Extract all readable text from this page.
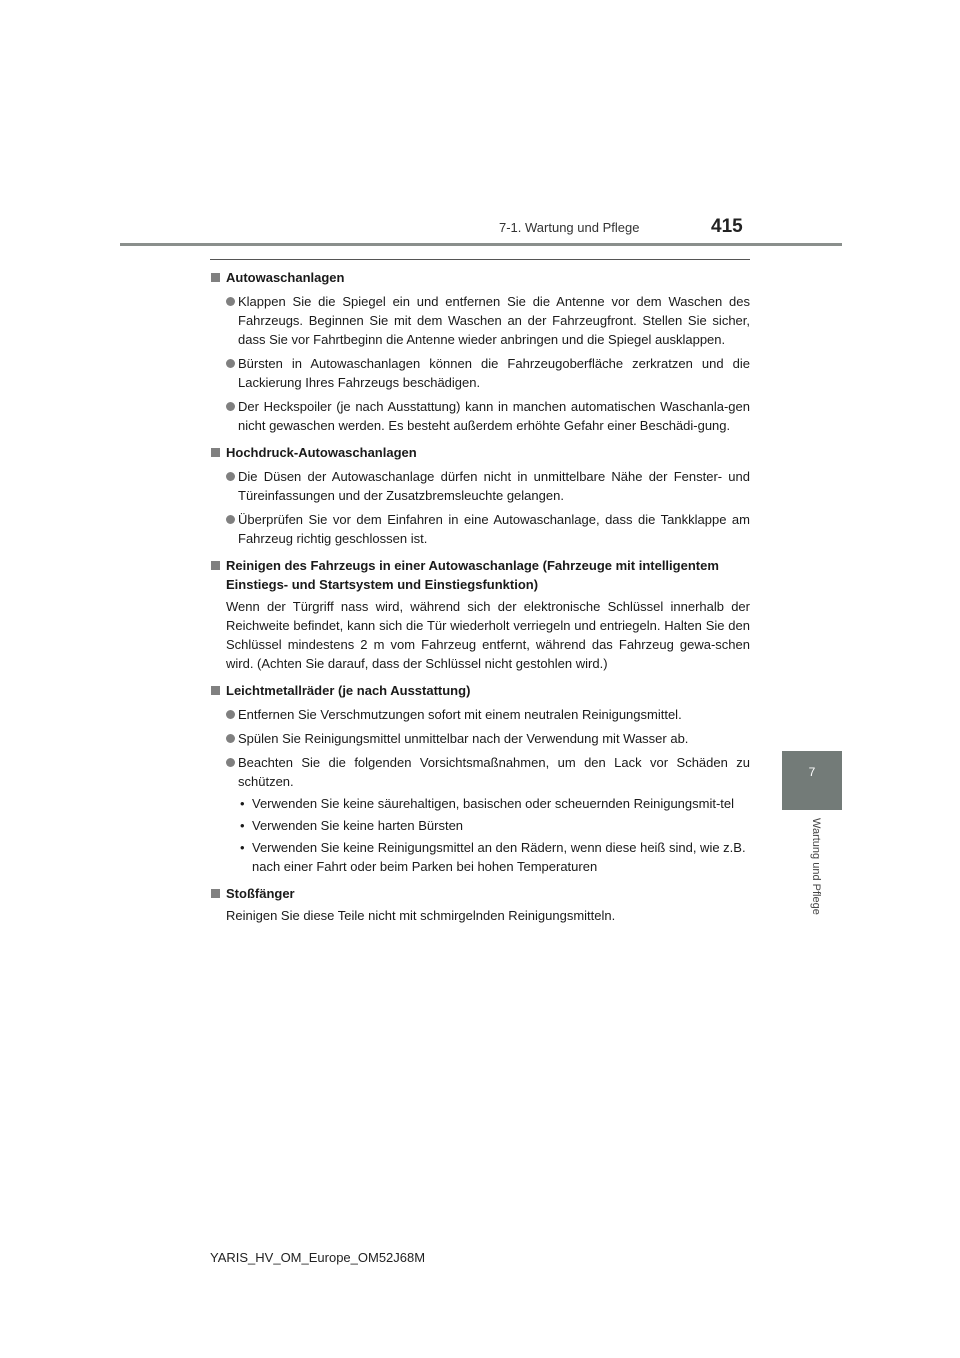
415
7-1. Wartung und Pflege
7
Wartung und Pflege
Autowaschanlagen
Klappen Sie die Spiegel ein und entfernen Sie die Antenne vor dem Waschen des Fahrzeugs. Beginnen Sie mit dem Waschen an der Fahrzeugfront. Stellen Sie sicher, dass Sie vor Fahrtbeginn die Antenne wieder anbringen und die Spiegel ausklappen.
Bürsten in Autowaschanlagen können die Fahrzeugoberfläche zerkratzen und die Lackierung Ihres Fahrzeugs beschädigen.
Der Heckspoiler (je nach Ausstattung) kann in manchen automatischen Waschanla-gen nicht gewaschen werden. Es besteht außerdem erhöhte Gefahr einer Beschädi-gung.
Hochdruck-Autowaschanlagen
Die Düsen der Autowaschanlage dürfen nicht in unmittelbare Nähe der Fenster- und Türeinfassungen und der Zusatzbremsleuchte gelangen.
Überprüfen Sie vor dem Einfahren in eine Autowaschanlage, dass die Tankklappe am Fahrzeug richtig geschlossen ist.
Reinigen des Fahrzeugs in einer Autowaschanlage (Fahrzeuge mit intelligentem Einstiegs- und Startsystem und Einstiegsfunktion)
Wenn der Türgriff nass wird, während sich der elektronische Schlüssel innerhalb der Reichweite befindet, kann sich die Tür wiederholt verriegeln und entriegeln. Halten Sie den Schlüssel mindestens 2 m vom Fahrzeug entfernt, während das Fahrzeug gewa-schen wird. (Achten Sie darauf, dass der Schlüssel nicht gestohlen wird.)
Leichtmetallräder (je nach Ausstattung)
Entfernen Sie Verschmutzungen sofort mit einem neutralen Reinigungsmittel.
Spülen Sie Reinigungsmittel unmittelbar nach der Verwendung mit Wasser ab.
Beachten Sie die folgenden Vorsichtsmaßnahmen, um den Lack vor Schäden zu schützen.
• Verwenden Sie keine säurehaltigen, basischen oder scheuernden Reinigungsmit-tel
• Verwenden Sie keine harten Bürsten
• Verwenden Sie keine Reinigungsmittel an den Rädern, wenn diese heiß sind, wie z.B. nach einer Fahrt oder beim Parken bei hohen Temperaturen
Stoßfänger
Reinigen Sie diese Teile nicht mit schmirgelnden Reinigungsmitteln.
YARIS_HV_OM_Europe_OM52J68M
